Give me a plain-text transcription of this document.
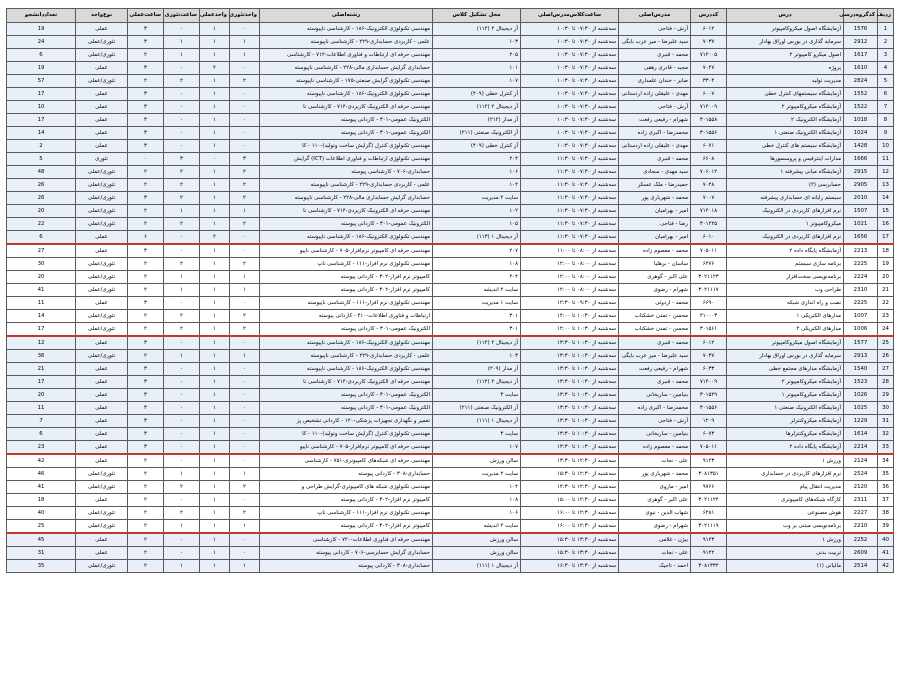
ردیف	کدگروه‌درسی	درس	کددرس	مدرس‌اصلی	ساعت‌کلاس‌مدرس‌اصلی	محل تشکیل کلاس	رشته‌اصلی	واحدتئوری	واحدعملی	ساعت‌تئوری	ساعت‌عملی	نوع‌واحد	تعداددانشجو
1	1576	آزمایشگاه اصول میکروکامپیوتر	۶۰۱۲	آرش - فتاحی	سه‌شنبه از ۰۷:۳۰ تا ۱۰:۳۰	آز دیجیتال ۲ (۱۱۴)	مهندسی تکنولوژی الکترونیک-۱۸۶ - کارشناسی ناپیوسته	۰	۱	۰	۳	عملی	19
2	2912	سرمایه گذاری در بورس اوراق بهادار	۷۰۳۷	سید علیرضا - میر عرب بایگی	سه‌شنبه از ۰۷:۳۰ تا ۱۰:۳۰	۱۰۳	علمی - کاربردی حسابداری-۲۲۹ - کارشناسی ناپیوسته	۱	۱	۱	۳	تئوری/عملی	24
3	1617	اصول میکرو کامپیوتر ۲	۷۱۲۰۰۵	محمد - قنبری	سه‌شنبه از ۰۷:۳۰ تا ۱۰:۳۰	۲۰۵	مهندسی حرفه ای ارتباطات و فناوری اطلاعات-۷۱۲ - کارشناسی	۱	۱	۱	۲	تئوری/عملی	6
4	1610	پروژه	۷۰۴۷	مجید - قادری رهقی	سه‌شنبه از ۰۷:۳۰ تا ۱۰:۳۰	۱۰۱	حسابداری گرایش حسابداری مالی-۲۲۸ - کارشناسی ناپیوسته	۰	۲	۰	۳	عملی	19
5	2824	مدیریت تولید	۳۳۰۴	صابر - خندان علمداری	سه‌شنبه از ۰۷:۳۰ تا ۱۰:۳۰	۱۰۷	مهندسی تکنولوژی گرایش صنعتی-۱۷۵ - کارشناسی ناپیوسته	۲	۱	۲	۲	تئوری/عملی	57
6	1552	آزمایشگاه سیستمهای کنترل خطی	۶۰۰۷	مهدی - علیقلی زاده اردستانی	سه‌شنبه از ۰۷:۳۰ تا ۱۰:۳۰	آز کنترل خطی (۴۰۹)	مهندسی تکنولوژی الکترونیک-۱۸۶ - کارشناسی ناپیوسته	۰	۱	۰	۳	عملی	17
7	1522	آزمایشگاه میکروکامپیوتر ۲	۷۱۴۰۰۹	آرش - فتاحی	سه‌شنبه از ۰۷:۳۰ تا ۱۰:۳۰	آز دیجیتال ۲ (۱۱۴)	مهندسی حرفه ای الکترونیک کاربردی-۷۱۴ - کارشناسی نا	۰	۱	۰	۳	عملی	10
8	1018	آزمایشگاه الکترونیک ۲	۳۰۱۵۵۸	شهرام - رفیعی رفعت	سه‌شنبه از ۰۷:۳۰ تا ۱۰:۳۰	آز مدار (۲۱۲)	الکترونیک عمومی-۳۰۱ - کاردانی پیوسته	۰	۱	۰	۳	عملی	17
9	1024	آزمایشگاه الکترونیک صنعتی ۱	۳۰۱۵۵۶	محمدرضا - اکبری زاده	سه‌شنبه از ۰۷:۳۰ تا ۱۰:۳۰	آز الکترونیک صنعتی (۲۱۱)	الکترونیک عمومی-۳۰۱ - کاردانی پیوسته	۰	۱	۰	۳	عملی	14
10	1428	آزمایشگاه سیستم های کنترل خطی	۶۰۷۱	مهدی - علیقلی زاده اردستانی	سه‌شنبه از ۰۷:۳۰ تا ۱۰:۳۰	آز کنترل خطی (۴۰۹)	مهندسی تکنولوژی کنترل (گرایش ساخت وتولید)-۱۱۰ - کا	۰	۱	۰	۳	عملی	2
11	1666	مدارات اینترفیس و پروسسورها	۶۶۰۸	محمد - قنبری	سه‌شنبه از ۰۷:۳۰ تا ۱۱:۳۰	۲۰۴	مهندسی تکنولوژی ارتباطات و فناوری اطلاعات (ICT) گرایش	۳	۰	۳	۰	تئوری	5
12	2915	آزمایشگاه مبانی پیشرفته ۱	۷۰۶۰۱۲	سید مهدی - سجادی	سه‌شنبه از ۰۷:۳۰ تا ۱۱:۳۰	۱۰۶	حسابداری-۷۰۶ - کارشناسی پیوسته	۲	۱	۲	۲	تئوری/عملی	48
13	2905	حسابرسی (۲)	۷۰۴۸	حمیدرضا - ملک عسکر	سه‌شنبه از ۰۷:۳۰ تا ۱۱:۳۰	۱۰۴	علمی - کاربردی حسابداری-۲۲۹ - کارشناسی ناپیوسته	۲	۱	۲	۲	تئوری/عملی	26
14	2010	سیستم رایانه ای حسابداری پیشرفته	۷۰۰۷	محمد - شهریاری پور	سه‌شنبه از ۰۷:۳۰ تا ۱۱:۳۰	سایت ۲ مدیریت	حسابداری گرایش حسابداری مالی-۲۲۸ - کارشناسی ناپیوسته	۲	۱	۲	۳	تئوری/عملی	26
15	1507	نرم افزارهای کاربردی در الکترونیک	۷۱۴۰۱۸	امیر - بهرامیان	سه‌شنبه از ۰۷:۳۰ تا ۱۱:۳۰	۱۰۲	مهندسی حرفه ای الکترونیک کاربردی-۷۱۴ - کارشناسی نا	۱	۱	۱	۲	تئوری/عملی	20
16	1021	میکروکامپیوتر ۱	۳۰۱۲۲۵	رضا - فتاحی	سه‌شنبه از ۰۷:۳۰ تا ۱۱:۳۰	۱۰۵	الکترونیک عمومی-۳۰۱ - کاردانی پیوسته	۲	۱	۲	۲	تئوری/عملی	22
17	1656	نرم افزارهای کاربردی در الکترونیک	۶۰۱۰	امیر - بهرامیان	سه‌شنبه از ۰۷:۳۰ تا ۱۱:۳۰	آز دیجیتال ۱ (۱۱۳)	مهندسی تکنولوژی الکترونیک-۱۸۶ - کارشناسی ناپیوسته	۰	۲	۰	۶	عملی	6
18	2213	آزمایشگاه پایگاه داده ۲	۷۰۵۰۱۱	محمد - معصوم زاده	سه‌شنبه از ۰۸:۰۰ تا ۱۱:۰۰	۲۰۷	مهندسی حرفه ای کامپیوتر نرم‌افزار-۷۰۵ - کارشناسی ناپیو	۰	۱	۰	۳	عملی	27
19	2225	برنامه سازی سیستم	۶۴۷۶	ساسان - برهلیا	سه‌شنبه از ۰۸:۰۰ تا ۱۲:۰۰	۱۰۸	مهندسی تکنولوژی نرم افزار-۱۱۱ - کارشناسی ناپ	۲	۱	۲	۲	تئوری/عملی	30
20	2224	برنامه‌نویسی سخت‌افزار	۳۰۲۱۱۲۳	علی اکبر - گوهری	سه‌شنبه از ۰۸:۰۰ تا ۱۲:۰۰	۲۰۴	کامپیوتر نرم افزار-۳۰۲ - کاردانی پیوسته	۱	۱	۱	۲	تئوری/عملی	20
21	2310	طراحی وب	۳۰۲۱۱۱۷	شهرام - رضوی	سه‌شنبه از ۰۸:۰۰ تا ۱۲:۰۰	سایت ۲ اندیشه	کامپیوتر نرم افزار-۳۰۲ - کاردانی پیوسته	۱	۱	۱	۲	تئوری/عملی	41
22	2225	نصب و راه اندازی شبکه	۶۶۹۰	محمد - اردوئی	سه‌شنبه از ۰۹:۳۰ تا ۱۲:۳۰	سایت ۱ مدیریت	مهندسی تکنولوژی نرم افزار-۱۱۱ - کارشناسی ناپیوسته	۰	۱	۰	۳	عملی	11
23	1007	مدارهای الکتریکی ۱	۴۱۰۰۰۳	محسن - تمدن خشکناب	سه‌شنبه از ۱۰:۳۰ تا ۱۴:۰۰	۳۰۱	ارتباطات و فناوری اطلاعات-۴۱۰ - کاردانی پیوسته	۲	۱	۲	۲	تئوری/عملی	14
24	1006	مدارهای الکتریکی ۲	۳۰۱۵۶۱	محسن - تمدن خشکناب	سه‌شنبه از ۱۰:۳۰ تا ۱۴:۰۰	۳۰۱	الکترونیک عمومی-۳۰۱ - کاردانی پیوسته	۲	۱	۲	۲	تئوری/عملی	17
25	1577	آزمایشگاه اصول میکروکامپیوتر	۶۰۱۲	محمد - قنبری	سه‌شنبه از ۱۰:۳۰ تا ۱۳:۳۰	آز دیجیتال ۲ (۱۱۴)	مهندسی تکنولوژی الکترونیک-۱۸۶ - کارشناسی ناپیوسته	۰	۱	۰	۳	عملی	12
26	2913	سرمایه گذاری در بورس اوراق بهادار	۷۰۳۷	سید علیرضا - میر عرب بایگی	سه‌شنبه از ۱۰:۳۰ تا ۱۳:۳۰	۱۰۳	علمی - کاربردی حسابداری-۲۲۹ - کارشناسی ناپیوسته	۱	۱	۱	۲	تئوری/عملی	36
27	1540	آزمایشگاه مدارهای مجتمع خطی	۶۰۳۳	شهرام - رفیعی رفعت	سه‌شنبه از ۱۰:۳۰ تا ۱۳:۳۰	آز مدار (۲۰۹)	مهندسی تکنولوژی الکترونیک-۱۸۶ - کارشناسی ناپیوسته	۰	۱	۰	۳	عملی	21
28	1523	آزمایشگاه میکروکامپیوتر ۲	۷۱۴۰۰۹	محمد - قنبری	سه‌شنبه از ۱۰:۳۰ تا ۱۳:۳۰	آز دیجیتال ۲ (۱۱۴)	مهندسی حرفه ای الکترونیک کاربردی-۷۱۴ - کارشناسی نا	۰	۱	۰	۳	عملی	17
29	1026	آزمایشگاه میکروکامپیوتر ۱	۳۰۱۵۴۹	بنیامین - ساریخانی	سه‌شنبه از ۱۰:۳۰ تا ۱۳:۳۰	سایت ۳	الکترونیک عمومی-۳۰۱ - کاردانی پیوسته	۰	۱	۰	۳	عملی	20
30	1025	آزمایشگاه الکترونیک صنعتی ۱	۳۰۱۵۵۶	محمدرضا - اکبری زاده	سه‌شنبه از ۱۰:۳۰ تا ۱۳:۳۰	آز الکترونیک صنعتی (۲۱۱)	الکترونیک عمومی-۳۰۱ - کاردانی پیوسته	۰	۱	۰	۳	عملی	11
31	1229	آزمایشگاه میکروکنترلر	۱۲۰۹	آرش - فتاحی	سه‌شنبه از ۱۰:۳۰ تا ۱۳:۳۰	آز دیجیتال ۱ (۱۱۱)	تعمیر و نگهداری تجهیزات پزشکی-۱۲۰ - کاردانی تشخیص پز	۰	۱	۰	۳	عملی	7
32	1614	آزمایشگاه میکروکنترلرها	۶۰۷۳	بنیامین - ساریخانی	سه‌شنبه از ۱۰:۳۰ تا ۱۳:۳۰	سایت ۳	مهندسی تکنولوژی کنترل (گرایش ساخت وتولید)-۱۱۰ - کا	۰	۱	۰	۳	عملی	6
33	2214	آزمایشگاه پایگاه داده ۲	۷۰۵۰۱۱	محمد - معصوم زاده	سه‌شنبه از ۱۰:۳۰ تا ۱۳:۳۰	۱۰۷	مهندسی حرفه ای کامپیوتر نرم‌افزار-۷۰۵ - کارشناسی ناپیو	۰	۱	۰	۳	عملی	23
34	2124	ورزش ۱	۹۱۲۳	علی - نجات	سه‌شنبه از ۱۲:۳۰ تا ۱۳:۳۰	سالن ورزش	مهندسی حرفه ای شبکه‌های کامپیوتری-۷۵۱ - کارشناسی	۰	۱	۰	۲	عملی	42
35	2524	نرم افزارهای کاربردی در حسابداری	۳۰۸۱۳۵۱	محمد - شهریاری پور	سه‌شنبه از ۱۲:۳۰ تا ۱۵:۳۰	سایت ۲ مدیریت	حسابداری-۳۰۸ - کاردانی پیوسته	۱	۱	۱	۲	تئوری/عملی	46
36	2120	مدیریت انتقال پیام	۹۷۶۶	امیر - ماروی	سه‌شنبه از ۱۲:۳۰ تا ۱۴:۳۰	۱۰۴	مهندسی تکنولوژی شبکه های کامپیوتری-گرایش طراحی و	۲	۱	۲	۲	تئوری/عملی	41
37	2311	کارگاه شبکه‌های کامپیوتری	۳۰۲۱۱۲۴	علی اکبر - گوهری	سه‌شنبه از ۱۲:۳۰ تا ۱۵:۰۰	۱۰۸	کامپیوتر نرم افزار-۳۰۲ - کاردانی پیوسته	۰	۱	۰	۲	عملی	18
38	2227	هوش مصنوعی	۶۴۸۱	شهاب الدین - نبوی	سه‌شنبه از ۱۲:۳۰ تا ۱۶:۰۰	۱۰۶	مهندسی تکنولوژی نرم افزار-۱۱۱ - کارشناسی ناپ	۲	۱	۲	۲	تئوری/عملی	40
39	2210	برنامه‌نویسی مبتنی بر وب	۳۰۲۱۱۱۹	شهرام - رضوی	سه‌شنبه از ۱۲:۳۰ تا ۱۶:۰۰	سایت ۲ اندیشه	کامپیوتر نرم افزار-۳۰۲ - کاردانی پیوسته	۱	۱	۱	۲	تئوری/عملی	25
40	2252	ورزش ۱	۹۱۲۳	بیژن - غلامی	سه‌شنبه از ۱۳:۳۰ تا ۱۵:۳۰	سالن ورزش	مهندسی حرفه ای فناوری اطلاعات-۷۲۰ - کارشناسی	۰	۱	۰	۲	عملی	45
41	2609	تربیت بدنی	۹۱۲۲	علی - نجات	سه‌شنبه از ۱۳:۳۰ تا ۱۵:۳۰	سالن ورزش	حسابداری گرایش حسابرسی-۷۰۶ - کاردانی پیوسته	۰	۱	۰	۲	عملی	31
42	2514	مالیاتی (۱)	۳۰۸۱۳۳۴	احمد - تاجیک	سه‌شنبه از ۱۳:۳۰ تا ۱۶:۳۰	آز دیجیتال ۱ (۱۱۱)	حسابداری-۳۰۸ - کاردانی پیوسته	۱	۱	۱	۲	تئوری/عملی	35
